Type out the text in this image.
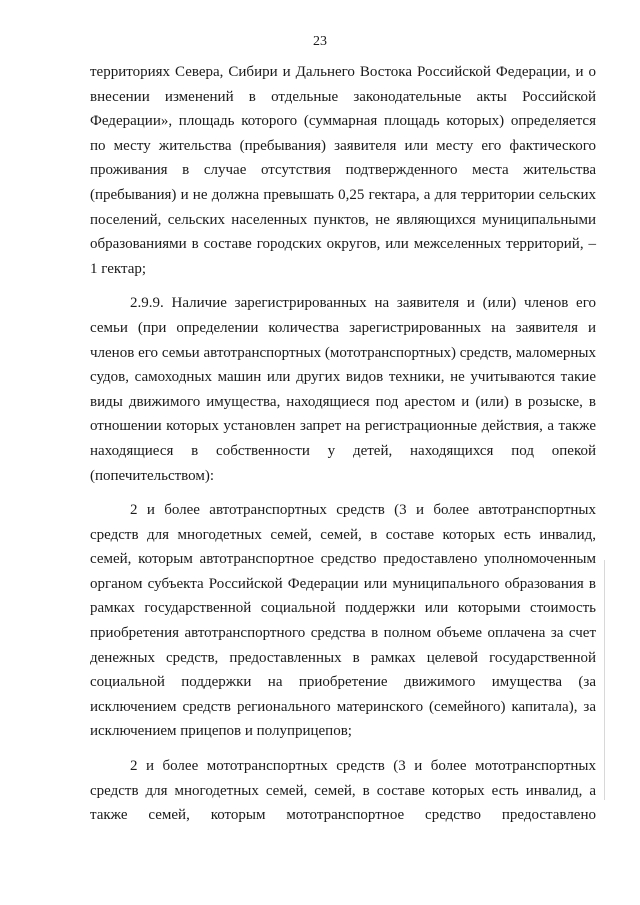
23

территориях Севера, Сибири и Дальнего Востока Российской Федерации, и о внесении изменений в отдельные законодательные акты Российской Федерации», площадь которого (суммарная площадь которых) определяется по месту жительства (пребывания) заявителя или месту его фактического проживания в случае отсутствия подтвержденного места жительства (пребывания) и не должна превышать 0,25 гектара, а для территории сельских поселений, сельских населенных пунктов, не являющихся муниципальными образованиями в составе городских округов, или межселенных территорий, – 1 гектар;

2.9.9. Наличие зарегистрированных на заявителя и (или) членов его семьи (при определении количества зарегистрированных на заявителя и членов его семьи автотранспортных (мототранспортных) средств, маломерных судов, самоходных машин или других видов техники, не учитываются такие виды движимого имущества, находящиеся под арестом и (или) в розыске, в отношении которых установлен запрет на регистрационные действия, а также находящиеся в собственности у детей, находящихся под опекой (попечительством):

2 и более автотранспортных средств (3 и более автотранспортных средств для многодетных семей, семей, в составе которых есть инвалид, семей, которым автотранспортное средство предоставлено уполномоченным органом субъекта Российской Федерации или муниципального образования в рамках государственной социальной поддержки или которыми стоимость приобретения автотранспортного средства в полном объеме оплачена за счет денежных средств, предоставленных в рамках целевой государственной социальной поддержки на приобретение движимого имущества (за исключением средств регионального материнского (семейного) капитала), за исключением прицепов и полуприцепов;

2 и более мототранспортных средств (3 и более мототранспортных средств для многодетных семей, семей, в составе которых есть инвалид, а также семей, которым мототранспортное средство предоставлено
